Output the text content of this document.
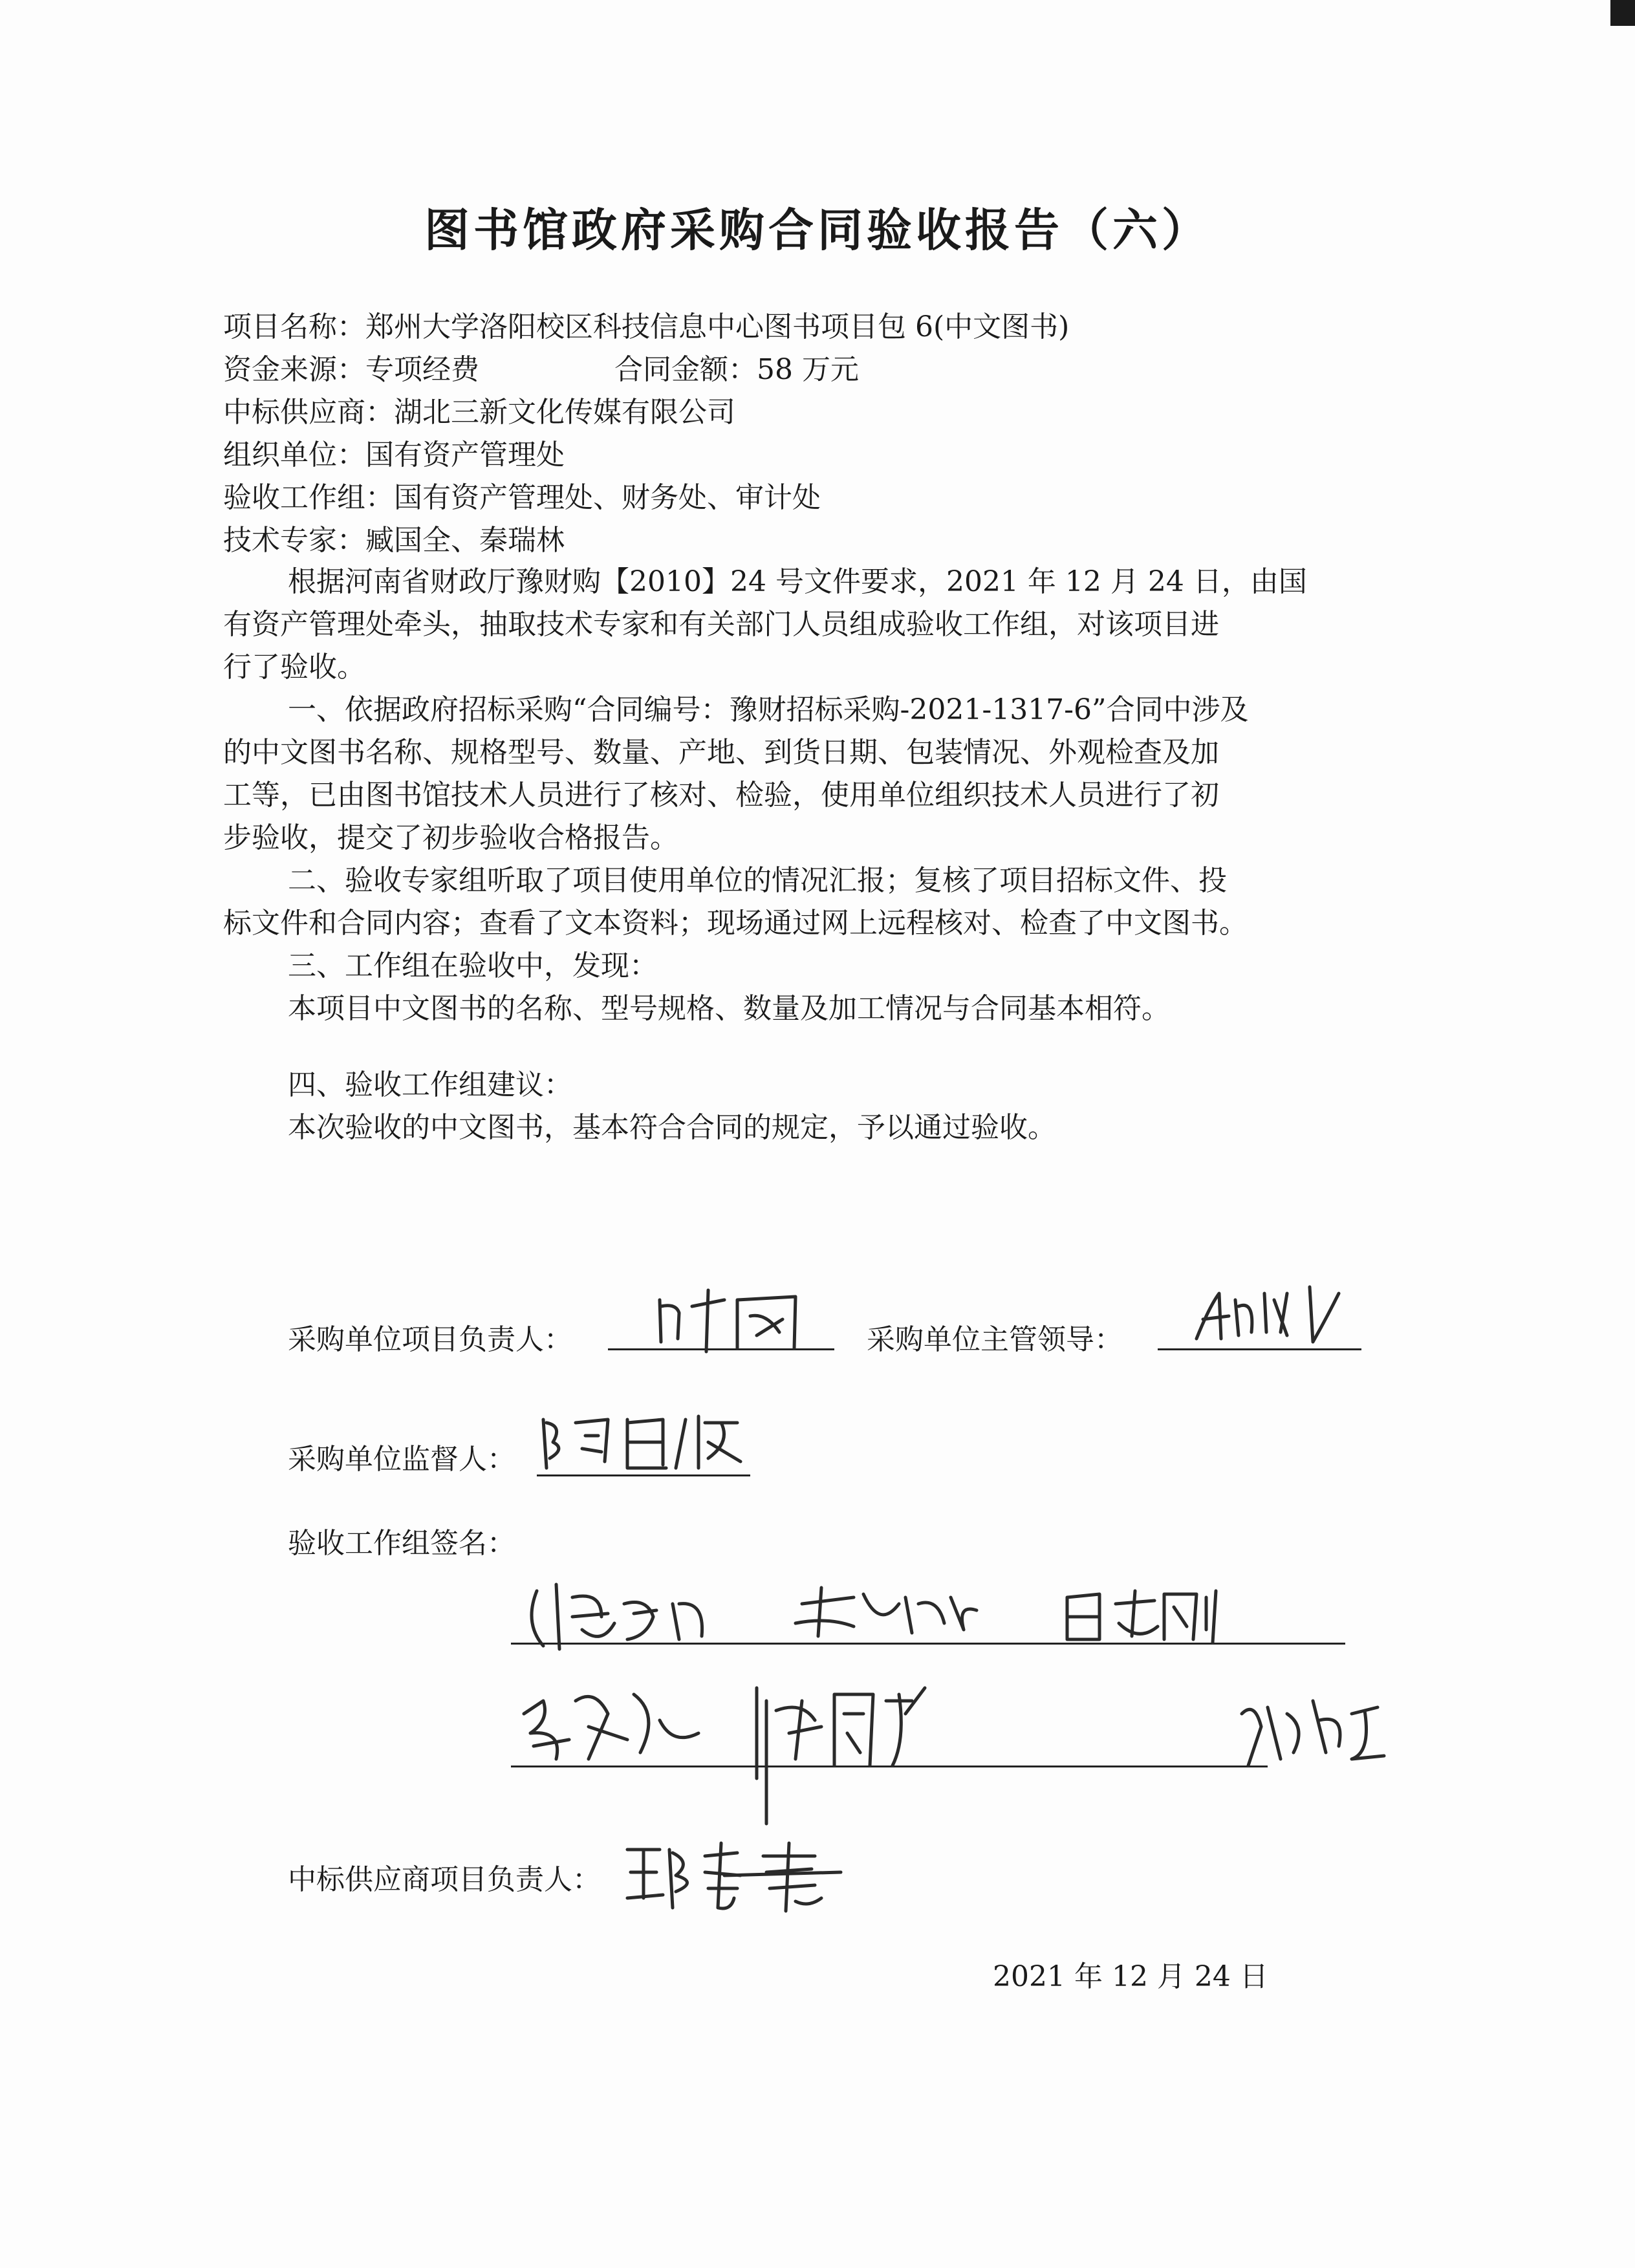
图书馆政府采购合同验收报告（六）
项目名称：郑州大学洛阳校区科技信息中心图书项目包 6(中文图书)
资金来源：专项经费	合同金额：58 万元
中标供应商：湖北三新文化传媒有限公司
组织单位：国有资产管理处
验收工作组：国有资产管理处、财务处、审计处
技术专家：臧国全、秦瑞林
根据河南省财政厅豫财购【2010】24 号文件要求，2021 年 12 月 24 日，由国
有资产管理处牵头，抽取技术专家和有关部门人员组成验收工作组，对该项目进
行了验收。
一、依据政府招标采购“合同编号：豫财招标采购-2021-1317-6”合同中涉及
的中文图书名称、规格型号、数量、产地、到货日期、包装情况、外观检查及加
工等，已由图书馆技术人员进行了核对、检验，使用单位组织技术人员进行了初
步验收，提交了初步验收合格报告。
二、验收专家组听取了项目使用单位的情况汇报；复核了项目招标文件、投
标文件和合同内容；查看了文本资料；现场通过网上远程核对、检查了中文图书。
三、工作组在验收中，发现：
本项目中文图书的名称、型号规格、数量及加工情况与合同基本相符。
四、验收工作组建议：
本次验收的中文图书，基本符合合同的规定，予以通过验收。
采购单位项目负责人：	采购单位主管领导：
采购单位监督人：
验收工作组签名：
中标供应商项目负责人：
2021 年 12 月 24 日
